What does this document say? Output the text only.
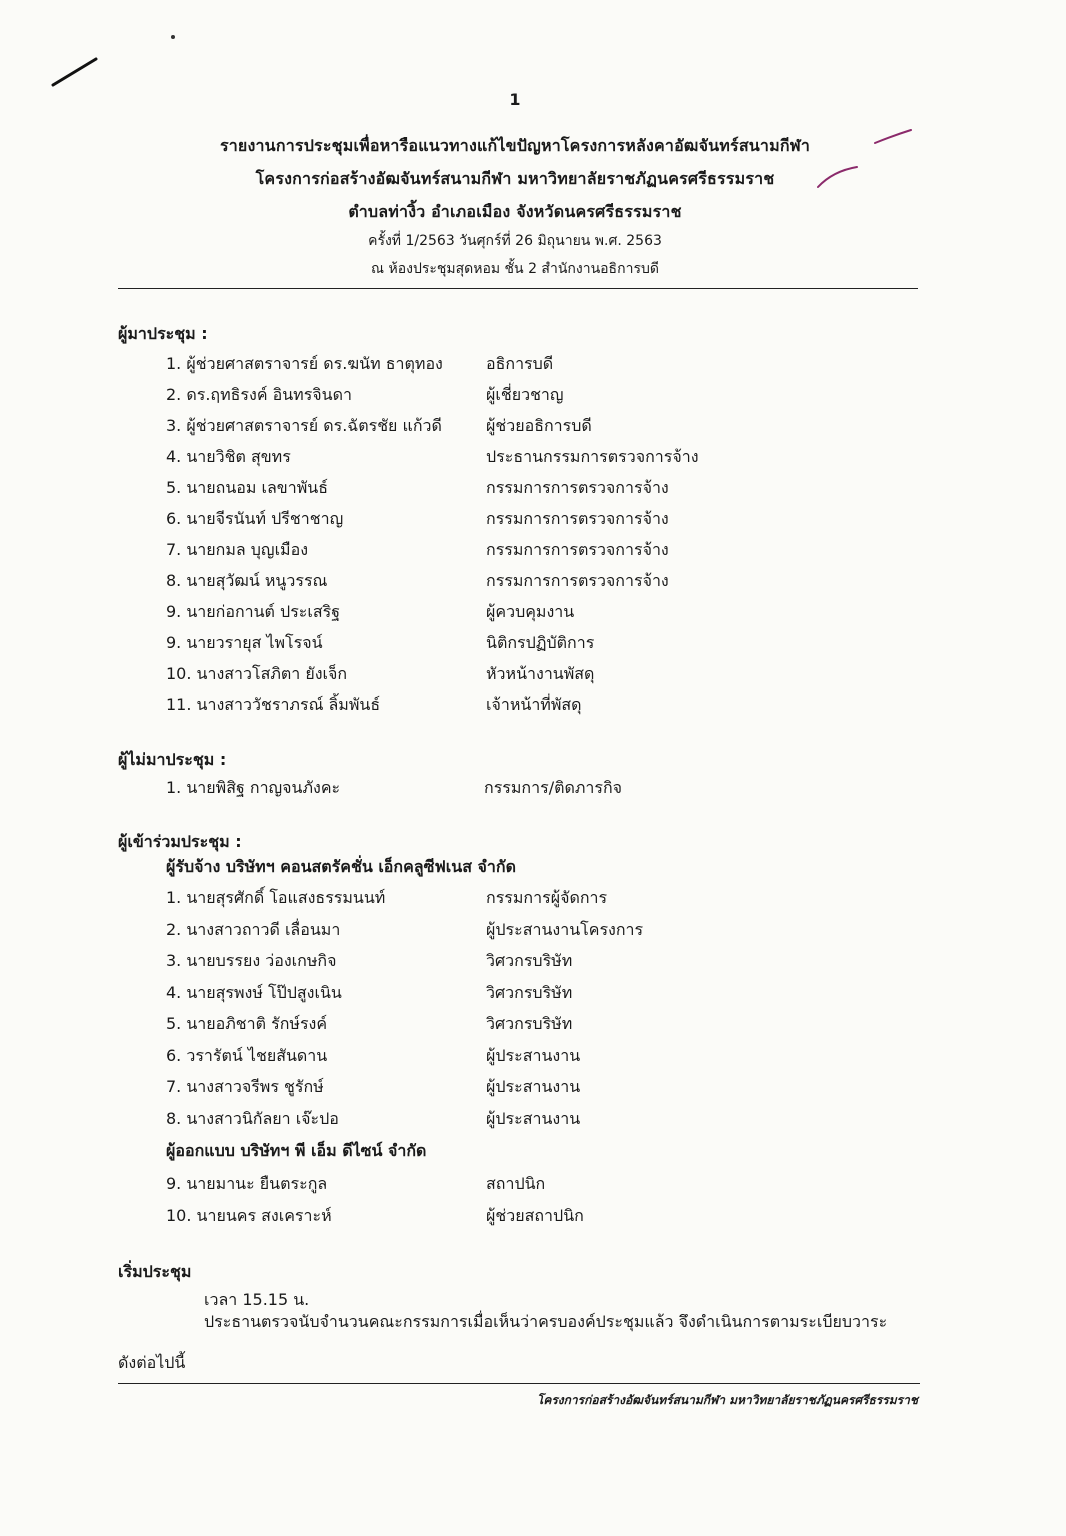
1
รายงานการประชุมเพื่อหารือแนวทางแก้ไขปัญหาโครงการหลังคาอัฒจันทร์สนามกีฬา
โครงการก่อสร้างอัฒจันทร์สนามกีฬา มหาวิทยาลัยราชภัฏนครศรีธรรมราช
ตำบลท่างิ้ว อำเภอเมือง จังหวัดนครศรีธรรมราช
ครั้งที่ 1/2563 วันศุกร์ที่ 26 มิถุนายน พ.ศ. 2563
ณ ห้องประชุมสุดหอม ชั้น 2 สำนักงานอธิการบดี
ผู้มาประชุม :
1. ผู้ช่วยศาสตราจารย์ ดร.ฆนัท ธาตุทอง	อธิการบดี
2. ดร.ฤทธิรงค์ อินทรจินดา	ผู้เชี่ยวชาญ
3. ผู้ช่วยศาสตราจารย์ ดร.ฉัตรชัย แก้วดี	ผู้ช่วยอธิการบดี
4. นายวิชิต สุขทร	ประธานกรรมการตรวจการจ้าง
5. นายถนอม เลขาพันธ์	กรรมการการตรวจการจ้าง
6. นายจีรนันท์ ปรีชาชาญ	กรรมการการตรวจการจ้าง
7. นายกมล บุญเมือง	กรรมการการตรวจการจ้าง
8. นายสุวัฒน์ หนูวรรณ	กรรมการการตรวจการจ้าง
9. นายก่อกานต์ ประเสริฐ	ผู้ควบคุมงาน
9. นายวรายุส ไพโรจน์	นิติกรปฏิบัติการ
10. นางสาวโสภิตา ยังเจ็ก	หัวหน้างานพัสดุ
11. นางสาววัชราภรณ์ ลิ้มพันธ์	เจ้าหน้าที่พัสดุ
ผู้ไม่มาประชุม :
1. นายพิสิฐ กาญจนภังคะ	กรรมการ/ติดภารกิจ
ผู้เข้าร่วมประชุม :
ผู้รับจ้าง บริษัทฯ คอนสตรัคชั่น เอ็กคลูซีฟเนส จำกัด
1. นายสุรศักดิ์ โอแสงธรรมนนท์	กรรมการผู้จัดการ
2. นางสาวถาวดี เลื่อนมา	ผู้ประสานงานโครงการ
3. นายบรรยง ว่องเกษกิจ	วิศวกรบริษัท
4. นายสุรพงษ์ โป๊ปสูงเนิน	วิศวกรบริษัท
5. นายอภิชาติ รักษ์รงค์	วิศวกรบริษัท
6. วรารัตน์ ไชยสันดาน	ผู้ประสานงาน
7. นางสาวจรีพร ชูรักษ์	ผู้ประสานงาน
8. นางสาวนิกัลยา เจ๊ะปอ	ผู้ประสานงาน
ผู้ออกแบบ บริษัทฯ พี เอ็ม ดีไซน์ จำกัด
9. นายมานะ ยืนตระกูล	สถาปนิก
10. นายนคร สงเคราะห์	ผู้ช่วยสถาปนิก
เริ่มประชุม
เวลา 15.15 น.
ประธานตรวจนับจำนวนคณะกรรมการเมื่อเห็นว่าครบองค์ประชุมแล้ว จึงดำเนินการตามระเบียบวาระ
ดังต่อไปนี้
โครงการก่อสร้างอัฒจันทร์สนามกีฬา มหาวิทยาลัยราชภัฏนครศรีธรรมราช
